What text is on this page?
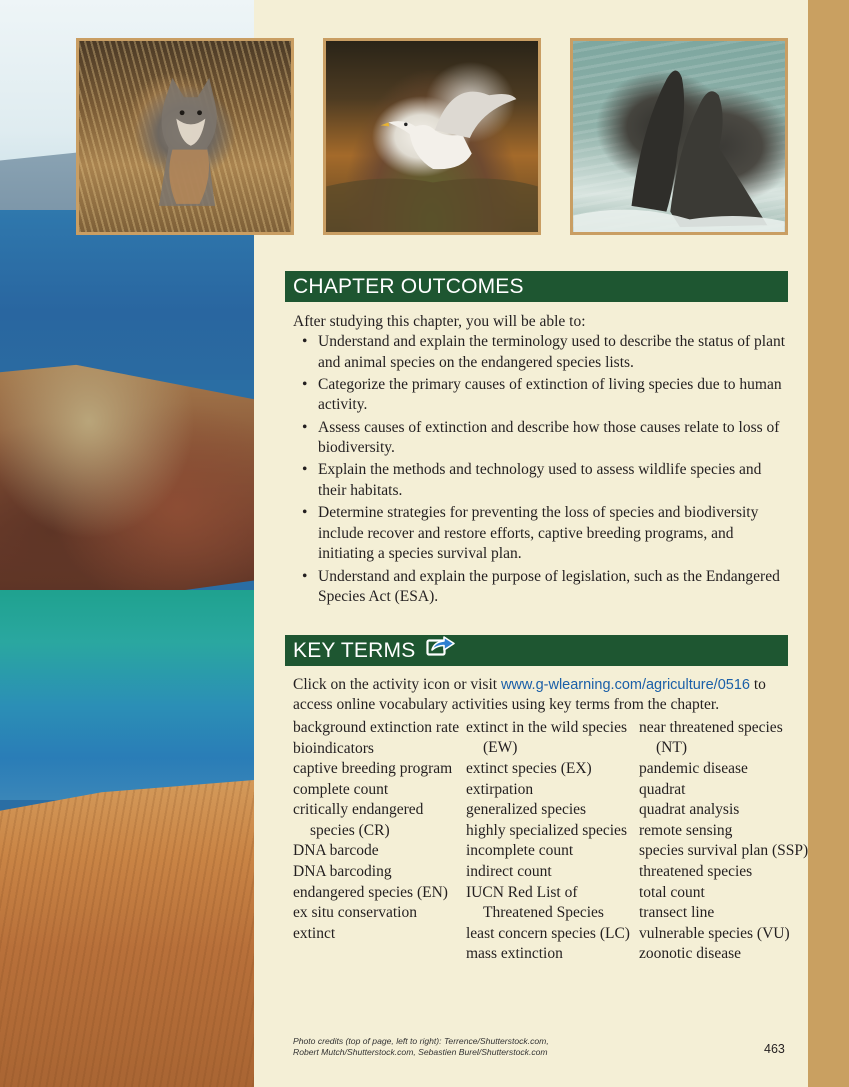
CHAPTER OUTCOMES

After studying this chapter, you will be able to:

• Understand and explain the terminology used to describe the status of plant and animal species on the endangered species lists.
• Categorize the primary causes of extinction of living species due to human activity.
• Assess causes of extinction and describe how those causes relate to loss of biodiversity.
• Explain the methods and technology used to assess wildlife species and their habitats.
• Determine strategies for preventing the loss of species and biodiversity include recover and restore efforts, captive breeding programs, and initiating a species survival plan.
• Understand and explain the purpose of legislation, such as the Endangered Species Act (ESA).
KEY TERMS

Click on the activity icon or visit www.g-wlearning.com/agriculture/0516 to access online vocabulary activities using key terms from the chapter.

background extinction rate
bioindicators
captive breeding program
complete count
critically endangered species (CR)
DNA barcode
DNA barcoding
endangered species (EN)
ex situ conservation
extinct
extinct in the wild species (EW)
extinct species (EX)
extirpation
generalized species
highly specialized species
incomplete count
indirect count
IUCN Red List of Threatened Species
least concern species (LC)
mass extinction
near threatened species (NT)
pandemic disease
quadrat
quadrat analysis
remote sensing
species survival plan (SSP)
threatened species
total count
transect line
vulnerable species (VU)
zoonotic disease
Photo credits (top of page, left to right): Terrence/Shutterstock.com,
Robert Mutch/Shutterstock.com, Sebastien Burel/Shutterstock.com	463
